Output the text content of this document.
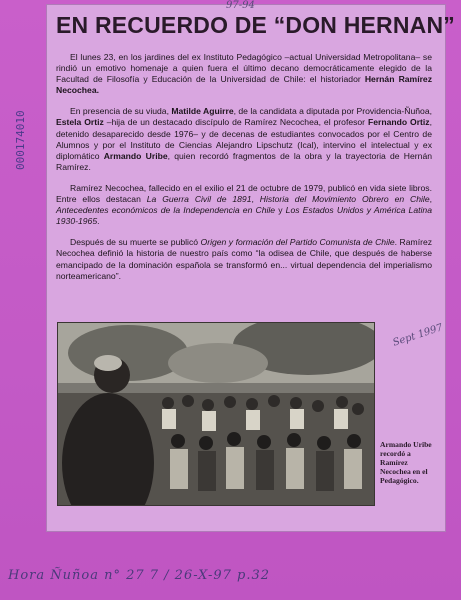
000174010
97-94
EN RECUERDO DE “DON HERNAN”

El lunes 23, en los jardines del ex Instituto Pedagógico –actual Universidad Metropolitana– se rindió un emotivo homenaje a quien fuera el último decano democráticamente elegido de la Facultad de Filosofía y Educación de la Universidad de Chile: el historiador Hernán Ramírez Necochea.

En presencia de su viuda, Matilde Aguirre, de la candidata a diputada por Providencia-Ñuñoa, Estela Ortiz –hija de un destacado discípulo de Ramírez Necochea, el profesor Fernando Ortiz, detenido desaparecido desde 1976– y de decenas de estudiantes convocados por el Centro de Alumnos y por el Instituto de Ciencias Alejandro Lipschutz (Ical), intervino el intelectual y ex diplomático Armando Uribe, quien recordó fragmentos de la obra y la trayectoria de Hernán Ramírez.

Ramírez Necochea, fallecido en el exilio el 21 de octubre de 1979, publicó en vida siete libros. Entre ellos destacan La Guerra Civil de 1891, Historia del Movimiento Obrero en Chile, Antecedentes económicos de la Independencia en Chile y Los Estados Unidos y América Latina 1930-1965.

Después de su muerte se publicó Origen y formación del Partido Comunista de Chile. Ramírez Necochea definió la historia de nuestro país como “la odisea de Chile, que después de haberse emancipado de la dominación española se transformó en... virtual dependencia del imperialismo norteamericano”.

Sept 1997
Armando Uribe recordó a Ramírez Necochea en el Pedagógico.
Hora Ñuñoa n° 27 7 / 26-X-97 p.32
